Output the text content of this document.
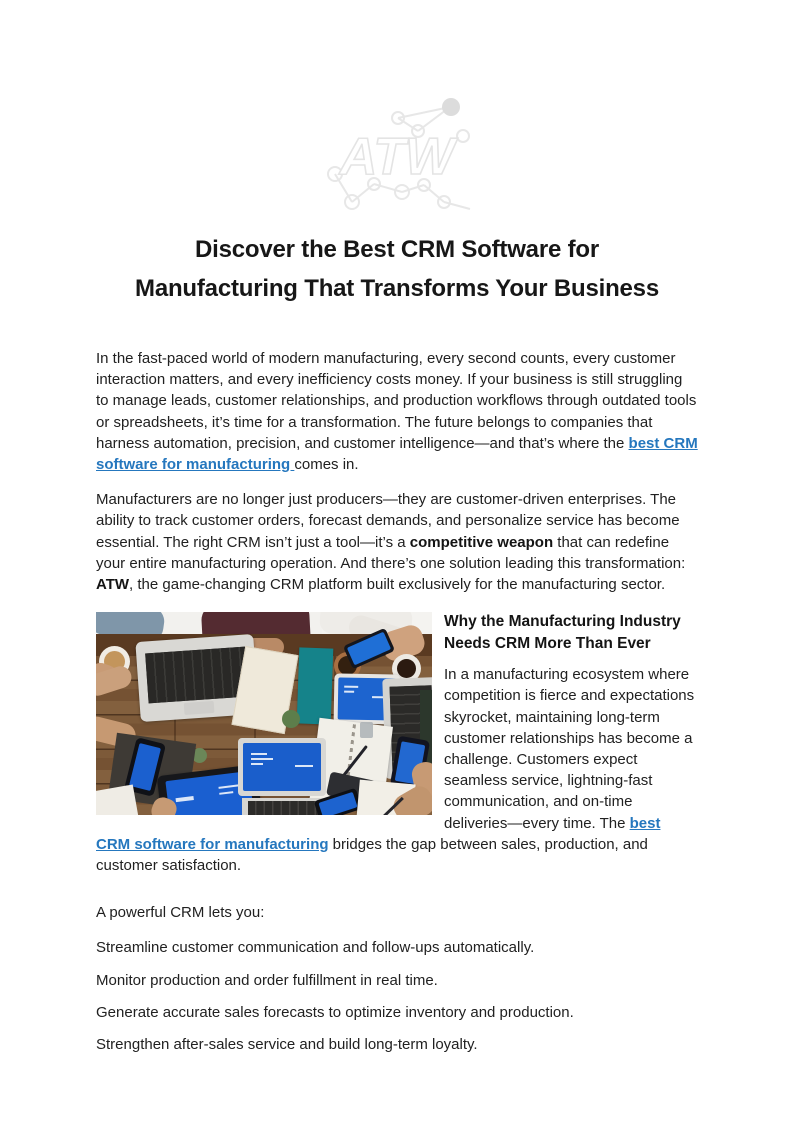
ATW
Discover the Best CRM Software for
Manufacturing That Transforms Your Business

In the fast-paced world of modern manufacturing, every second counts, every customer interaction matters, and every inefficiency costs money. If your business is still struggling to manage leads, customer relationships, and production workflows through outdated tools or spreadsheets, it’s time for a transformation. The future belongs to companies that harness automation, precision, and customer intelligence—and that’s where the best CRM software for manufacturing comes in.

Manufacturers are no longer just producers—they are customer-driven enterprises. The ability to track customer orders, forecast demands, and personalize service has become essential. The right CRM isn’t just a tool—it’s a competitive weapon that can redefine your entire manufacturing operation. And there’s one solution leading this transformation: ATW, the game-changing CRM platform built exclusively for the manufacturing sector.

Why the Manufacturing Industry Needs CRM More Than Ever

In a manufacturing ecosystem where competition is fierce and expectations skyrocket, maintaining long-term customer relationships has become a challenge. Customers expect seamless service, lightning-fast communication, and on-time deliveries—every time. The best CRM software for manufacturing bridges the gap between sales, production, and customer satisfaction.

A powerful CRM lets you:

Streamline customer communication and follow-ups automatically.

Monitor production and order fulfillment in real time.

Generate accurate sales forecasts to optimize inventory and production.

Strengthen after-sales service and build long-term loyalty.
